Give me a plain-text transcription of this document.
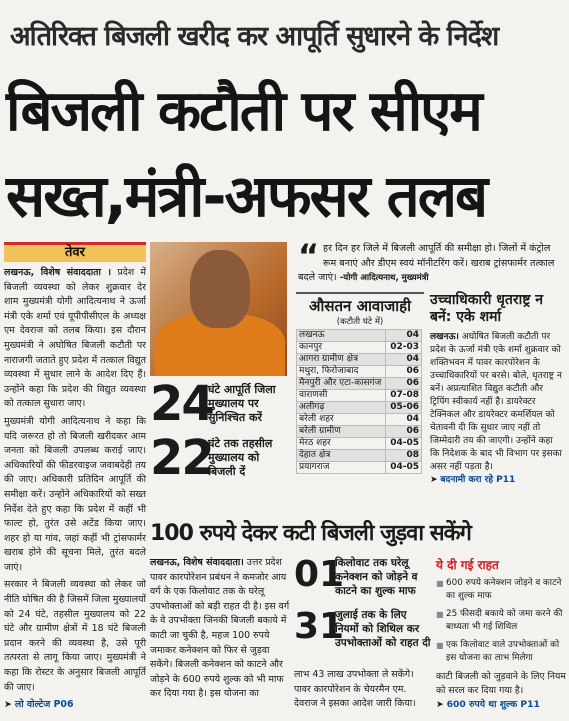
अतिरिक्त बिजली खरीद कर आपूर्ति सुधारने के निर्देश
बिजली कटौती पर सीएम
सख्त,मंत्री-अफसर तलब
तेवर

लखनऊ, विशेष संवाददाता । प्रदेश में बिजली व्यवस्था को लेकर शुक्रवार देर शाम मुख्यमंत्री योगी आदित्यनाथ ने ऊर्जा मंत्री एके शर्मा एवं यूपीपीसीएल के अध्यक्ष एम देवराज को तलब किया। इस दौरान मुख्यमंत्री ने अघोषित बिजली कटौती पर नाराजगी जताते हुए प्रदेश में तत्काल विद्युत व्यवस्था में सुधार लाने के आदेश दिए हैं। उन्होंने कहा कि प्रदेश की विद्युत व्यवस्था को तत्काल सुधारा जाए।

मुख्यमंत्री योगी आदित्यनाथ ने कहा कि यदि जरूरत हो तो बिजली खरीदकर आम जनता को बिजली उपलब्ध कराई जाए। अधिकारियों की फीडरवाइज जवाबदेही तय की जाए। अधिकारी प्रतिदिन आपूर्ति की समीक्षा करें। उन्होंने अधिकारियों को सख्त निर्देश देते हुए कहा कि प्रदेश में कहीं भी फाल्ट हो, तुरंत उसे अटेंड किया जाए। शहर हो या गांव, जहां कहीं भी ट्रांसफार्मर खराब होने की सूचना मिले, तुरंत बदले जाएं।

सरकार ने बिजली व्यवस्था को लेकर जो नीति घोषित की है जिसमें जिला मुख्यालयों को 24 घंटे, तहसील मुख्यालय को 22 घंटे और ग्रामीण क्षेत्रों में 18 घंटे बिजली प्रदान करने की व्यवस्था है, उसे पूरी तत्परता से लागू किया जाए। मुख्यमंत्री ने कहा कि रोस्टर के अनुसार बिजली आपूर्ति की जाए।

➤ लो वोल्टेज P06

24
घंटे आपूर्ति जिला मुख्यालय पर सुनिश्चित करें
22
घंटे तक तहसील मुख्यालय को बिजली दें
“ हर दिन हर जिले में बिजली आपूर्ति की समीक्षा हो। जिलों में कंट्रोल रूम बनाएं और डीएम स्वयं मॉनीटरिंग करें। खराब ट्रांसफार्मर तत्काल बदले जाएं। -योगी आदित्यनाथ, मुख्यमंत्री
औसतन आवाजाही
(कटौती घंटे में)
लखनऊ	04
कानपुर	02-03
आगरा ग्रामीण क्षेत्र	04
मथुरा, फिरोजाबाद	06
मैनपुरी और एटा-कासगंज	06
वाराणसी	07-08
अलीगढ़	05-06
बरेली शहर	04
बरेली ग्रामीण	06
मेरठ शहर	04-05
देहात क्षेत्र	08
प्रयागराज	04-05
उच्चाधिकारी धृतराष्ट्र न बनें: एके शर्मा

लखनऊ। अघोषित बिजली कटौती पर प्रदेश के ऊर्जा मंत्री एके शर्मा शुक्रवार को शक्तिभवन में पावर कारपोरेशन के उच्चाधिकारियों पर बरसे। बोले, धृतराष्ट्र न बनें। अप्रत्याशित विद्युत कटौती और ट्रिपिंग स्वीकार्य नहीं है। डायरेक्टर टेक्निकल और डायरेक्टर कमर्शियल को चेतावनी दी कि सुधार जाए नहीं तो जिम्मेदारी तय की जाएगी। उन्होंने कहा कि निदेशक के बाद भी विभाग पर इसका असर नहीं पड़ता है।

➤ बदनामी करा रहे P11

100 रुपये देकर कटी बिजली जुड़वा सकेंगे
लखनऊ, विशेष संवाददाता। उत्तर प्रदेश पावर कारपोरेशन प्रबंधन ने कमजोर आय वर्ग के एक किलोवाट तक के घरेलू उपभोक्ताओं को बड़ी राहत दी है। इस वर्ग के वे उपभोक्ता जिनकी बिजली बकाये में काटी जा चुकी है, महज 100 रुपये जमाकर कनेक्शन को फिर से जुड़वा सकेंगे। बिजली कनेक्शन को काटने और जोड़ने के 600 रुपये शुल्क को भी माफ कर दिया गया है। इस योजना का
01
किलोवाट तक घरेलू कनेक्शन को जोड़ने व काटने का शुल्क माफ
31
जुलाई तक के लिए नियमों को शिथिल कर उपभोक्ताओं को राहत दी
लाभ 43 लाख उपभोक्ता ले सकेंगे। पावर कारपोरेशन के चेयरमैन एम. देवराज ने इसका आदेश जारी किया।
ये दी गई राहत
■ 600 रुपये कनेक्शन जोड़ने व काटने का शुल्क माफ
■ 25 फीसदी बकाये को जमा करने की बाध्यता भी गई शिथिल
■ एक किलोवाट वाले उपभोक्ताओं को इस योजना का लाभ मिलेगा

काटी बिजली को जुड़वाने के लिए नियम को सरल कर दिया गया है।

➤ 600 रुपये था शुल्क P11
